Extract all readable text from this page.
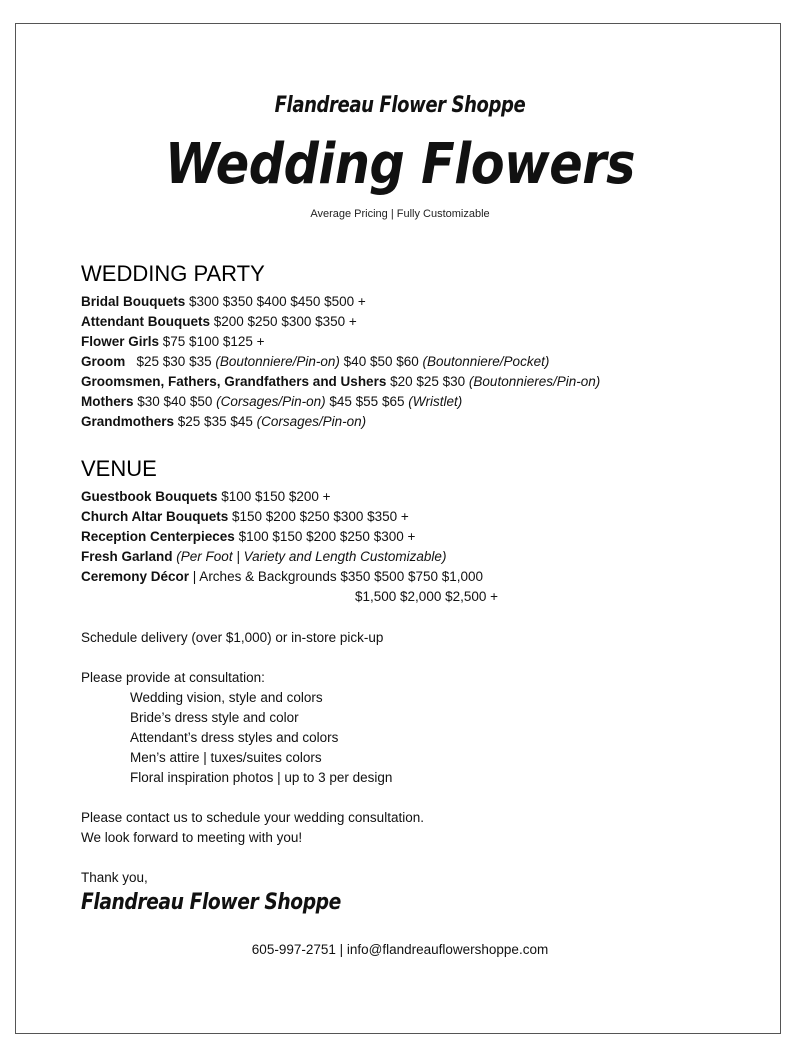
Flandreau Flower Shoppe
Wedding Flowers
Average Pricing | Fully Customizable
WEDDING PARTY
Bridal Bouquets $300 $350 $400 $450 $500 +
Attendant Bouquets $200 $250 $300 $350 +
Flower Girls $75 $100 $125 +
Groom   $25 $30 $35 (Boutonniere/Pin-on) $40 $50 $60 (Boutonniere/Pocket)
Groomsmen, Fathers, Grandfathers and Ushers $20 $25 $30 (Boutonnieres/Pin-on)
Mothers $30 $40 $50 (Corsages/Pin-on) $45 $55 $65 (Wristlet)
Grandmothers $25 $35 $45 (Corsages/Pin-on)
VENUE
Guestbook Bouquets $100 $150 $200 +
Church Altar Bouquets $150 $200 $250 $300 $350 +
Reception Centerpieces $100 $150 $200 $250 $300 +
Fresh Garland (Per Foot | Variety and Length Customizable)
Ceremony Décor | Arches & Backgrounds $350 $500 $750 $1,000
$1,500 $2,000 $2,500 +
Schedule delivery (over $1,000) or in-store pick-up
Please provide at consultation:
Wedding vision, style and colors
Bride’s dress style and color
Attendant’s dress styles and colors
Men’s attire | tuxes/suites colors
Floral inspiration photos | up to 3 per design
Please contact us to schedule your wedding consultation.
We look forward to meeting with you!
Thank you,
Flandreau Flower Shoppe
605-997-2751 | info@flandreauflowershoppe.com
